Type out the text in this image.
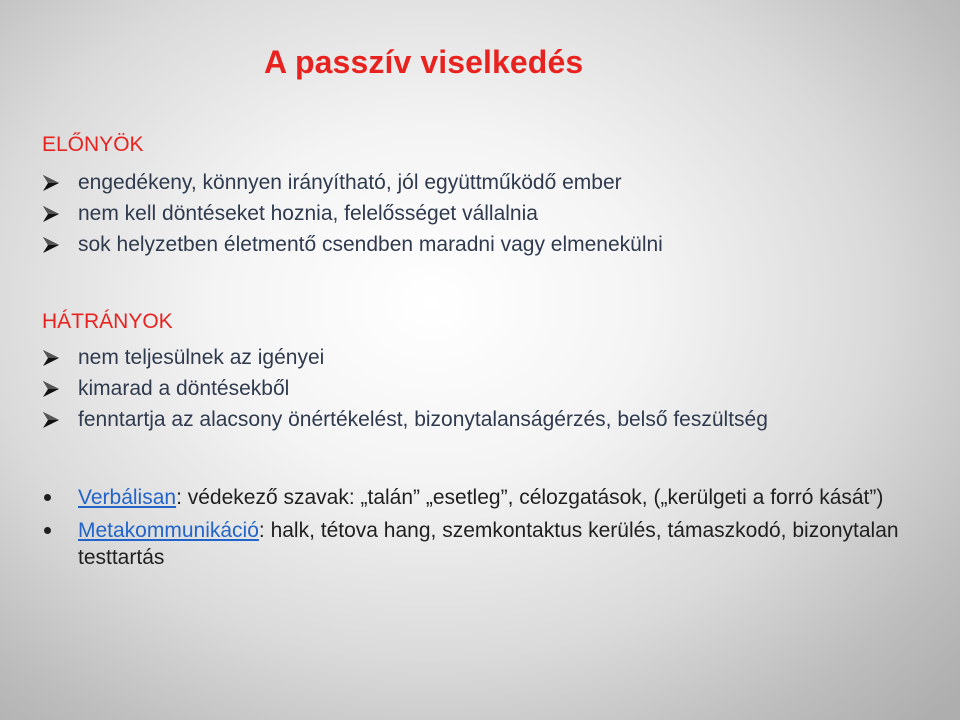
A passzív viselkedés
ELŐNYÖK
engedékeny, könnyen irányítható, jól együttműködő ember
nem kell döntéseket hoznia, felelősséget vállalnia
sok helyzetben életmentő csendben maradni vagy elmenekülni
HÁTRÁNYOK
nem teljesülnek az igényei
kimarad a döntésekből
fenntartja az alacsony önértékelést, bizonytalanságérzés, belső feszültség
Verbálisan: védekező szavak: „talán” „esetleg”, célozgatások, („kerülgeti a forró kását”)
Metakommunikáció: halk, tétova hang, szemkontaktus kerülés, támaszkodó, bizonytalan testtartás
